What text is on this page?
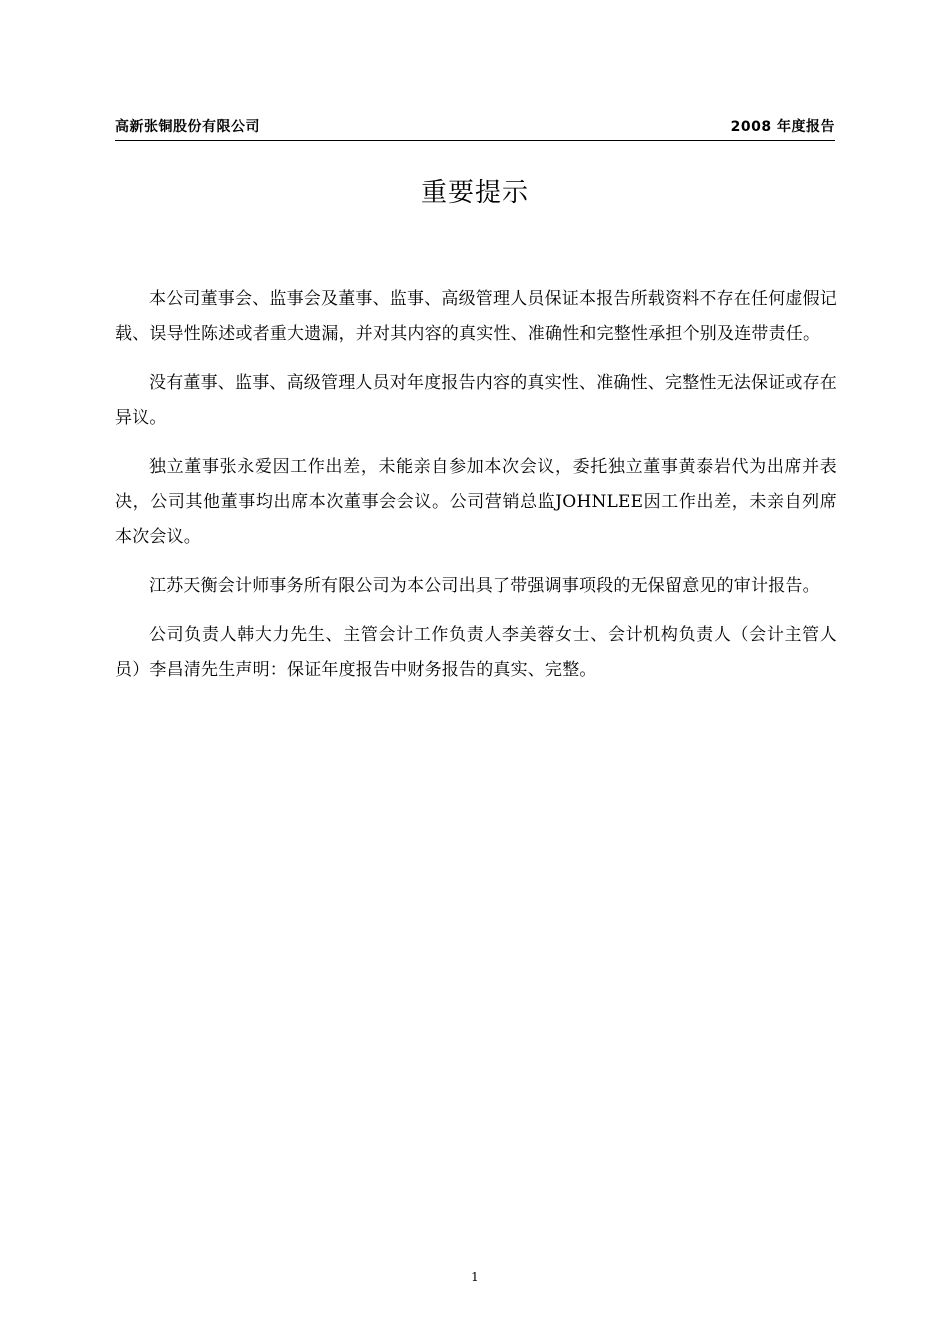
高新张铜股份有限公司	2008 年度报告
重要提示

本公司董事会、监事会及董事、监事、高级管理人员保证本报告所载资料不存在任何虚假记载、误导性陈述或者重大遗漏，并对其内容的真实性、准确性和完整性承担个别及连带责任。

没有董事、监事、高级管理人员对年度报告内容的真实性、准确性、完整性无法保证或存在异议。

独立董事张永爱因工作出差，未能亲自参加本次会议，委托独立董事黄泰岩代为出席并表决，公司其他董事均出席本次董事会会议。公司营销总监JOHNLEE因工作出差，未亲自列席本次会议。

江苏天衡会计师事务所有限公司为本公司出具了带强调事项段的无保留意见的审计报告。

公司负责人韩大力先生、主管会计工作负责人李美蓉女士、会计机构负责人（会计主管人员）李昌清先生声明：保证年度报告中财务报告的真实、完整。

1
